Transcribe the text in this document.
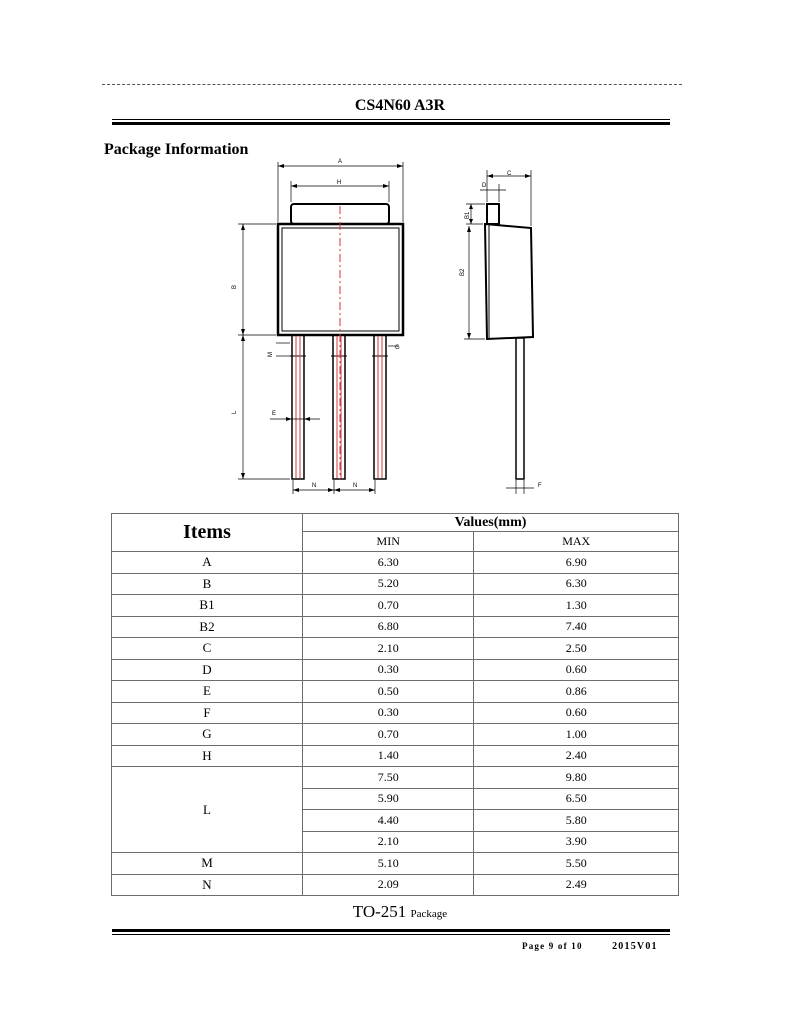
CS4N60 A3R
Package Information
A
H
B
L	E
M
N	N
G
C
D
B1
B2
F
Items	Values(mm)	
	MIN	MAX
A	6.30	6.90
B	5.20	6.30
B1	0.70	1.30
B2	6.80	7.40
C	2.10	2.50
D	0.30	0.60
E	0.50	0.86
F	0.30	0.60
G	0.70	1.00
H	1.40	2.40
L	7.50	9.80
	5.90	6.50
	4.40	5.80
	2.10	3.90
M	5.10	5.50
N	2.09	2.49
TO-251 Package
Page 9 of 10	2015V01
